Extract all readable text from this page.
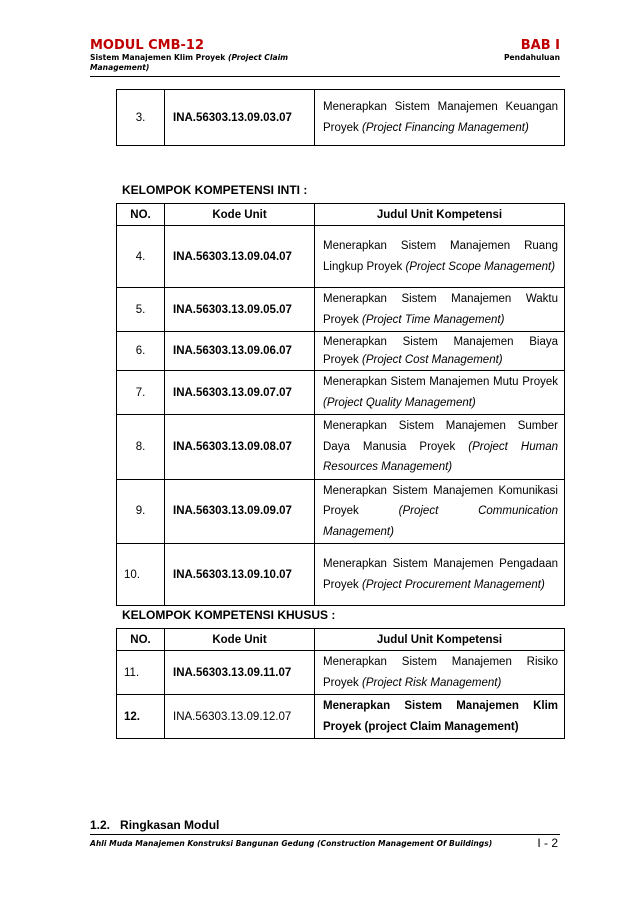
MODUL CMB-12
Sistem Manajemen Klim Proyek (Project Claim
Management)
BAB I
Pendahuluan
3.	INA.56303.13.09.03.07	Menerapkan Sistem Manajemen Keuangan Proyek (Project Financing Management)
KELOMPOK KOMPETENSI INTI :
NO.	Kode Unit	Judul Unit Kompetensi
4.	INA.56303.13.09.04.07	Menerapkan Sistem Manajemen Ruang Lingkup Proyek (Project Scope Management)
5.	INA.56303.13.09.05.07	Menerapkan Sistem Manajemen Waktu Proyek (Project Time Management)
6.	INA.56303.13.09.06.07	Menerapkan Sistem Manajemen Biaya Proyek (Project Cost Management)
7.	INA.56303.13.09.07.07	Menerapkan Sistem Manajemen Mutu Proyek (Project Quality Management)
8.	INA.56303.13.09.08.07	Menerapkan Sistem Manajemen Sumber Daya Manusia Proyek (Project Human Resources Management)
9.	INA.56303.13.09.09.07	Menerapkan Sistem Manajemen Komunikasi Proyek (Project Communication Management)
10.	INA.56303.13.09.10.07	Menerapkan Sistem Manajemen Pengadaan Proyek (Project Procurement Management)
KELOMPOK KOMPETENSI KHUSUS :
NO.	Kode Unit	Judul Unit Kompetensi
11.	INA.56303.13.09.11.07	Menerapkan Sistem Manajemen Risiko Proyek (Project Risk Management)
12.	INA.56303.13.09.12.07	Menerapkan Sistem Manajemen Klim Proyek (project Claim Management)
1.2. Ringkasan Modul
Ahli Muda Manajemen Konstruksi Bangunan Gedung (Construction Management Of Buildings)	I - 2
